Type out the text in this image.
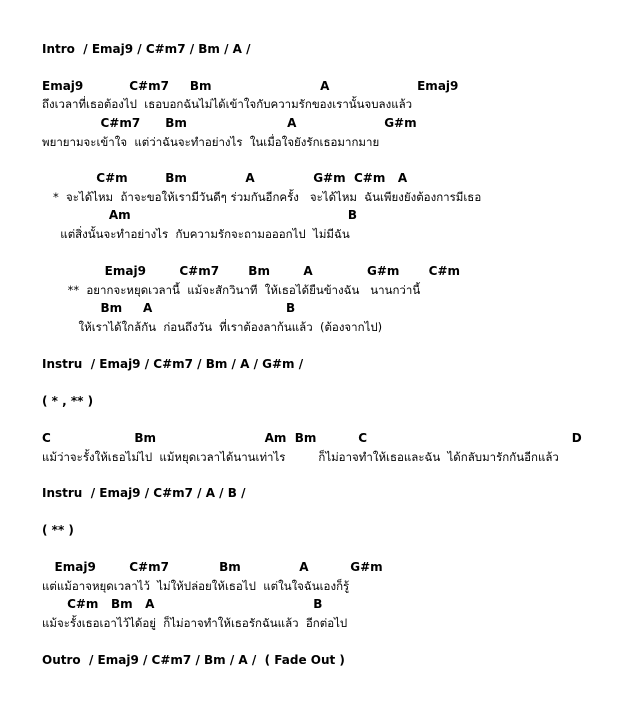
Intro  / Emaj9 / C#m7 / Bm / A /
Emaj9           C#m7     Bm                          A                     Emaj9
ถึงเวลาที่เธอต้องไป  เธอบอกฉันไม่ได้เข้าใจกับความรักของเรานั้นจบลงแล้ว
C#m7      Bm                        A                     G#m
พยายามจะเข้าใจ  แต่ว่าฉันจะทำอย่างไร  ในเมื่อใจยังรักเธอมากมาย
C#m         Bm              A              G#m  C#m   A
*  จะได้ไหม  ถ้าจะขอให้เรามีวันดีๆ ร่วมกันอีกครั้ง   จะได้ไหม  ฉันเพียงยังต้องการมีเธอ
Am                                                    B
แต่สิ่งนั้นจะทำอย่างไร  กับความรักจะถามอออกไป  ไม่มีฉัน
Emaj9        C#m7       Bm        A             G#m       C#m
**  อยากจะหยุดเวลานี้  แม้จะสักวินาที  ให้เธอได้ยืนข้างฉัน   นานกว่านี้
Bm     A                                B
ให้เราได้ใกล้กัน  ก่อนถึงวัน  ที่เราต้องลาก้นแล้ว  (ต้องจากไป)
Instru  / Emaj9 / C#m7 / Bm / A / G#m /
( * , ** )
C                    Bm                          Am  Bm          C                                                 D
แม้ว่าจะรั้งให้เธอไม่ไป  แม้หยุดเวลาได้นานเท่าไร         ก็ไม่อาจทำให้เธอและฉัน  ได้กลับมารักกันอีกแล้ว
Instru  / Emaj9 / C#m7 / A / B /
( ** )
Emaj9        C#m7            Bm              A          G#m
แต่แม้อาจหยุดเวลาไว้  ไม่ให้ปล่อยให้เธอไป  แต่ในใจฉันเองก็รู้
C#m   Bm   A                                      B
แม้จะรั้งเธอเอาไว้ได้อยู่  ก็ไม่อาจทำให้เธอรักฉันแล้ว  อีกต่อไป
Outro  / Emaj9 / C#m7 / Bm / A /  ( Fade Out )
